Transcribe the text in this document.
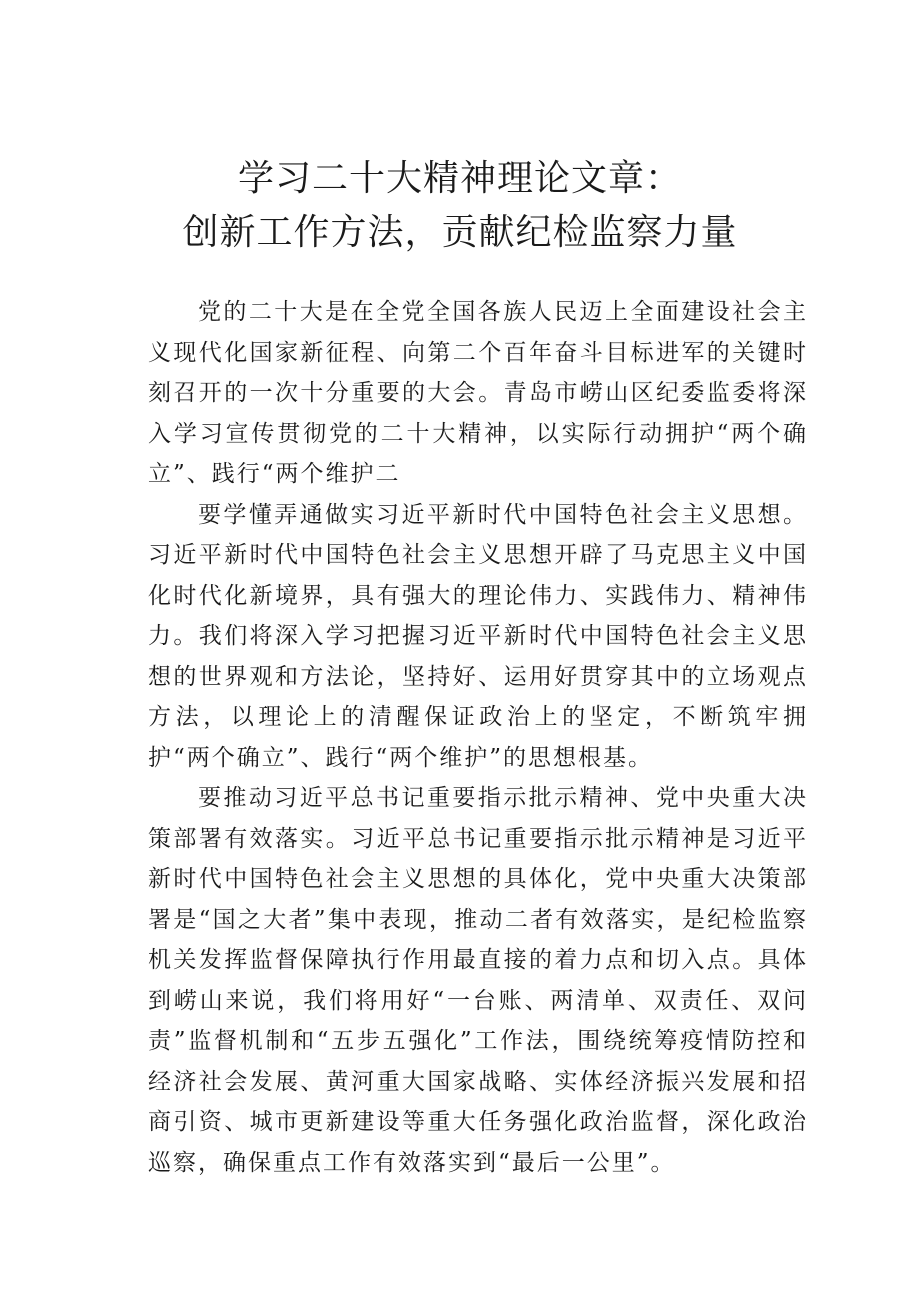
学习二十大精神理论文章：
创新工作方法，贡献纪检监察力量

党的二十大是在全党全国各族人民迈上全面建设社会主义现代化国家新征程、向第二个百年奋斗目标进军的关键时刻召开的一次十分重要的大会。青岛市崂山区纪委监委将深入学习宣传贯彻党的二十大精神，以实际行动拥护“两个确立”、践行“两个维护二

要学懂弄通做实习近平新时代中国特色社会主义思想。习近平新时代中国特色社会主义思想开辟了马克思主义中国化时代化新境界，具有强大的理论伟力、实践伟力、精神伟力。我们将深入学习把握习近平新时代中国特色社会主义思想的世界观和方法论，坚持好、运用好贯穿其中的立场观点方法，以理论上的清醒保证政治上的坚定，不断筑牢拥护“两个确立”、践行“两个维护”的思想根基。

要推动习近平总书记重要指示批示精神、党中央重大决策部署有效落实。习近平总书记重要指示批示精神是习近平新时代中国特色社会主义思想的具体化，党中央重大决策部署是“国之大者”集中表现，推动二者有效落实，是纪检监察机关发挥监督保障执行作用最直接的着力点和切入点。具体到崂山来说，我们将用好“一台账、两清单、双责任、双问责”监督机制和“五步五强化”工作法，围绕统筹疫情防控和经济社会发展、黄河重大国家战略、实体经济振兴发展和招商引资、城市更新建设等重大任务强化政治监督，深化政治巡察，确保重点工作有效落实到“最后一公里”。
